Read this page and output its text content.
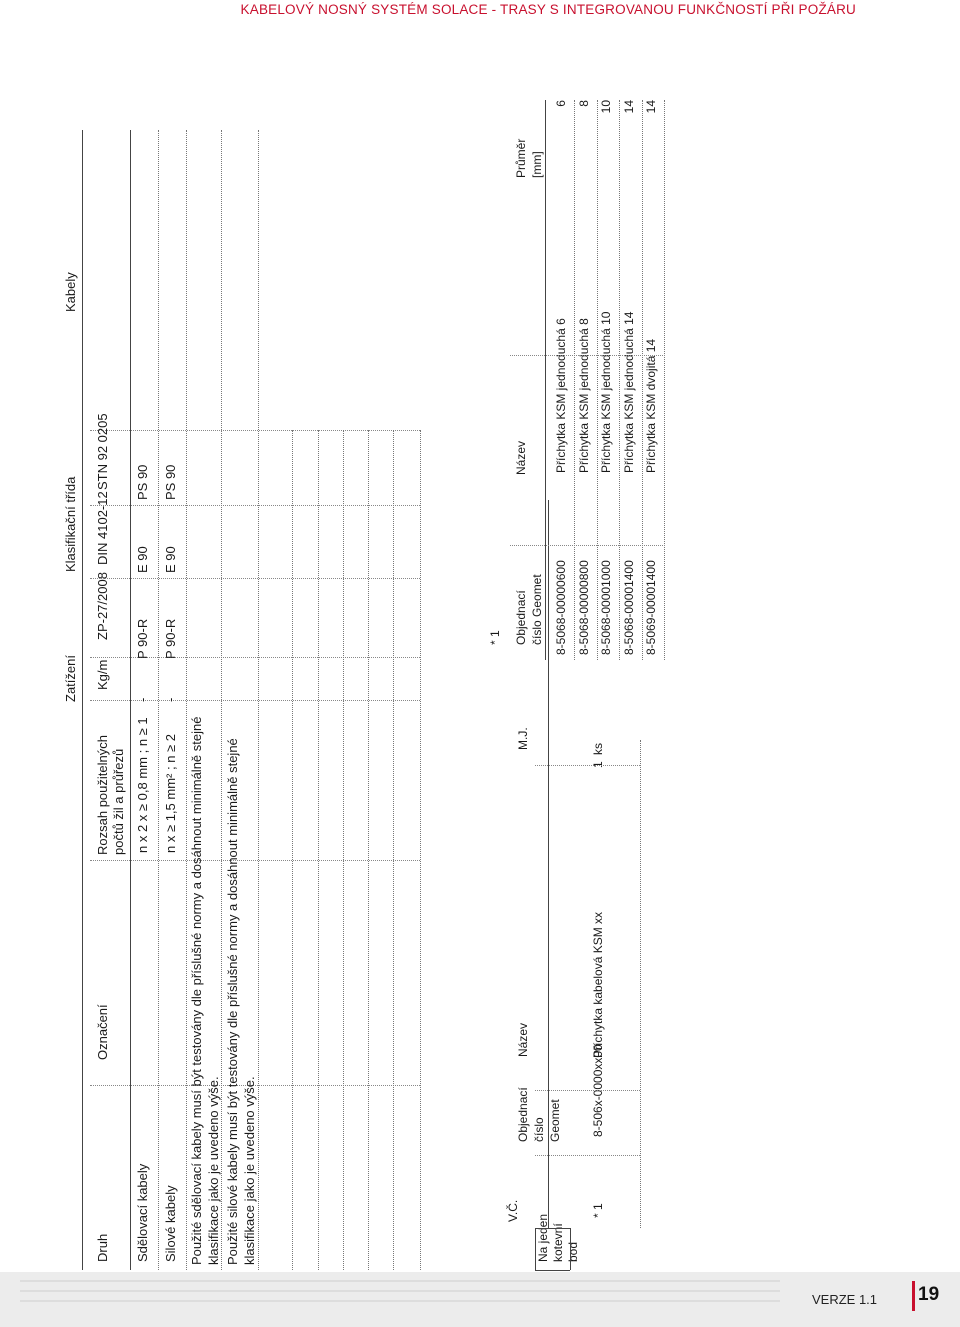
KABELOVÝ NOSNÝ SYSTÉM SOLACE - TRASY S INTEGROVANOU FUNKČNOSTÍ PŘI POŽÁRU
Kabely
Zatížení
Klasifikační třída
Druh
Označení
Rozsah použitelných počtů žil a průřezů
Kg/m
ZP-27/2008
DIN 4102-12
STN 92 0205
Sdělovací kabely
n x 2 x ≥ 0,8 mm ; n ≥ 1
-
P 90-R
E 90
PS 90
Silové kabely
n x ≥ 1,5 mm² ; n ≥ 2
-
P 90-R
E 90
PS 90
Použité sdělovací kabely musí být testovány dle příslušné normy a dosáhnout minimálně stejné klasifikace jako je uvedeno výše. Použité silové kabely musí být testovány dle příslušné normy a dosáhnout minimálně stejné klasifikace jako je uvedeno výše.	Na jeden kotevní bod
V.Č.
Objednací číslo Geomet
Název
M.J.
* 1
8-506x-0000xx00
Příchytka kabelová KSM xx
1
ks
* 1 Objednací číslo Geomet
Název
Průměr [mm]
8-5068-00000600
Příchytka KSM jednoduchá 6
6
8-5068-00000800
Příchytka KSM jednoduchá 8
8
8-5068-00001000
Příchytka KSM jednoduchá 10
10
8-5068-00001400
Příchytka KSM jednoduchá 14
14
8-5069-00001400
Příchytka KSM dvojitá 14
14
VERZE 1.1 19
